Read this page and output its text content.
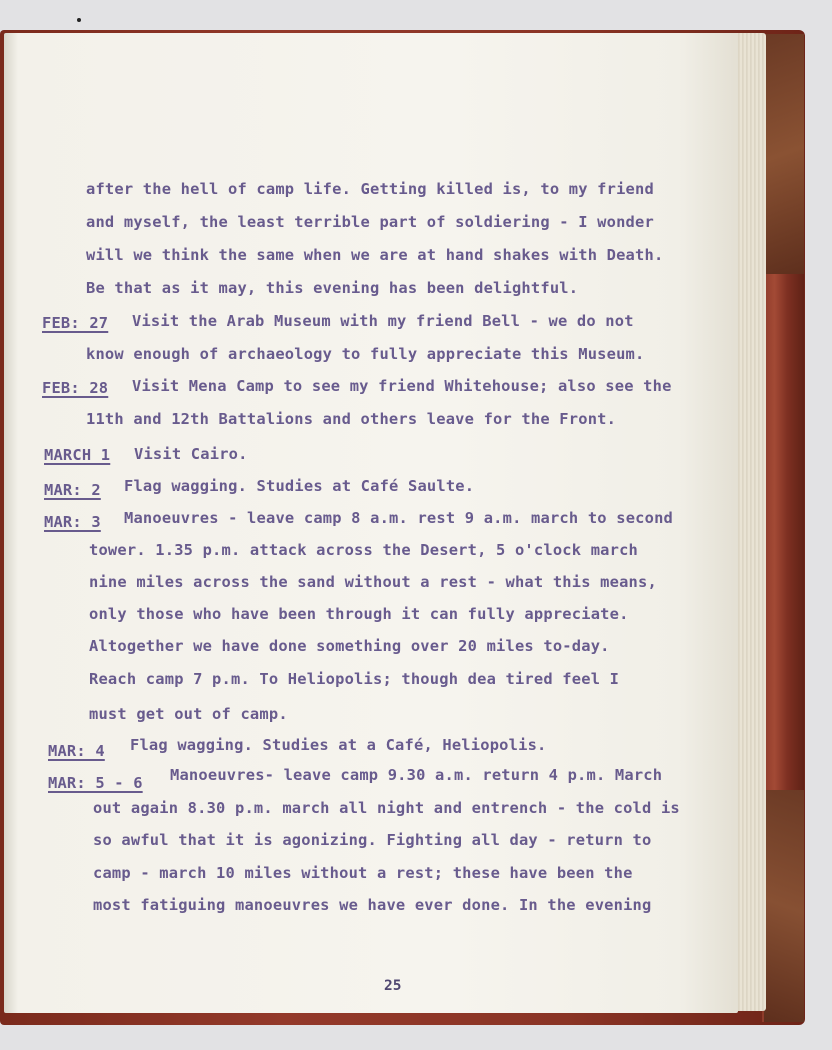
after the hell of camp life. Getting killed is, to my friend
and myself, the least terrible part of soldiering - I wonder
will we think the same when we are at hand shakes with Death.
Be that as it may, this evening has been delightful.
FEB: 27 Visit the Arab Museum with my friend Bell - we do not
know enough of archaeology to fully appreciate this Museum.
FEB: 28 Visit Mena Camp to see my friend Whitehouse; also see the
11th and 12th Battalions and others leave for the Front.
MARCH 1 Visit Cairo.
MAR: 2 Flag wagging. Studies at Café Saulte.
MAR: 3 Manoeuvres - leave camp 8 a.m. rest 9 a.m. march to second
tower. 1.35 p.m. attack across the Desert, 5 o'clock march
nine miles across the sand without a rest - what this means,
only those who have been through it can fully appreciate.
Altogether we have done something over 20 miles to-day.
Reach camp 7 p.m. To Heliopolis; though dea tired feel I
must get out of camp.
MAR: 4 Flag wagging. Studies at a Café, Heliopolis.
MAR: 5 - 6 Manoeuvres- leave camp 9.30 a.m. return 4 p.m. March
out again 8.30 p.m. march all night and entrench - the cold is
so awful that it is agonizing. Fighting all day - return to
camp - march 10 miles without a rest; these have been the
most fatiguing manoeuvres we have ever done. In the evening
25
